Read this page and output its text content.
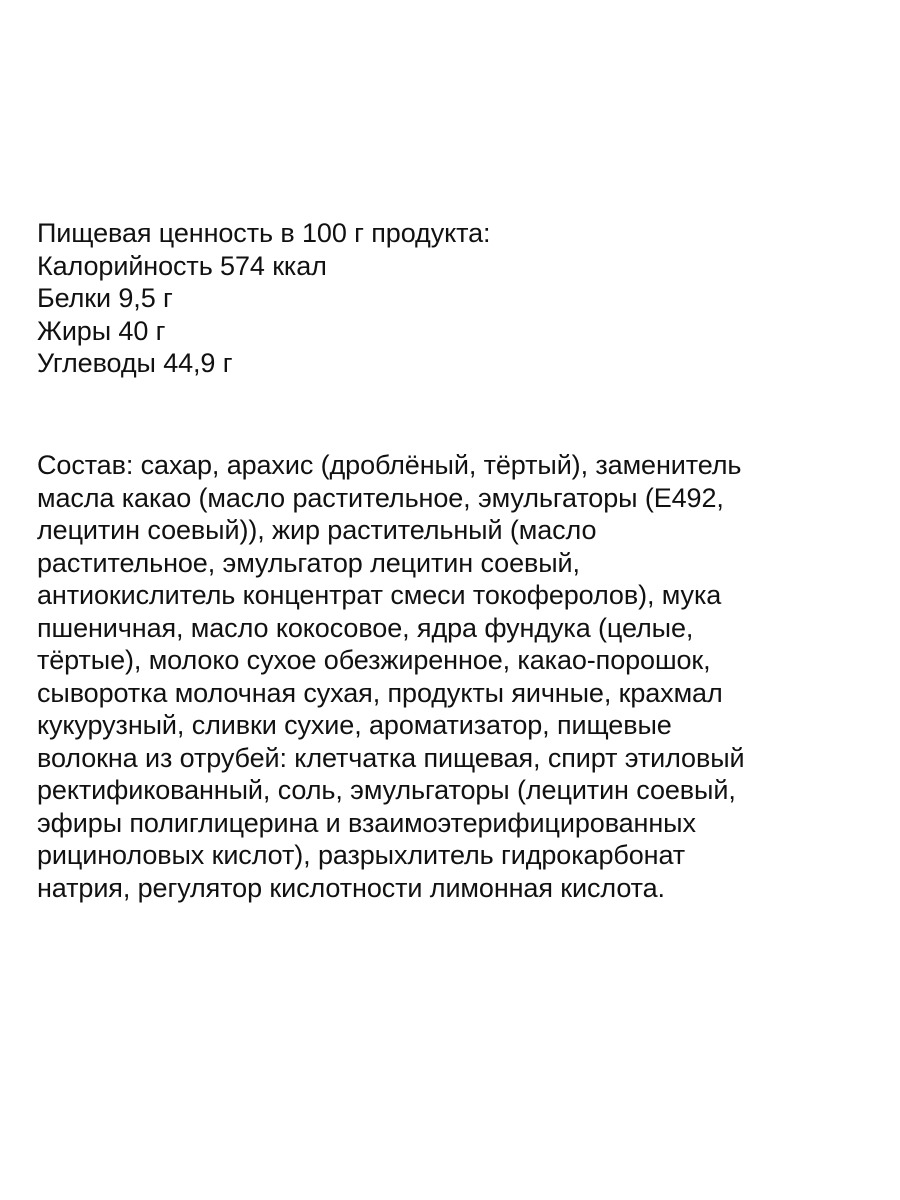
Пищевая ценность в 100 г продукта:
Калорийность 574 ккал
Белки 9,5 г
Жиры 40 г
Углеводы 44,9 г
Состав: сахар, арахис (дроблёный, тёртый), заменитель
масла какао (масло растительное, эмульгаторы (Е492,
лецитин соевый)), жир растительный (масло
растительное, эмульгатор лецитин соевый,
антиокислитель концентрат смеси токоферолов), мука
пшеничная, масло кокосовое, ядра фундука (целые,
тёртые), молоко сухое обезжиренное, какао-порошок,
сыворотка молочная сухая, продукты яичные, крахмал
кукурузный, сливки сухие, ароматизатор, пищевые
волокна из отрубей: клетчатка пищевая, спирт этиловый
ректификованный, соль, эмульгаторы (лецитин соевый,
эфиры полиглицерина и взаимоэтерифицированных
рициноловых кислот), разрыхлитель гидрокарбонат
натрия, регулятор кислотности лимонная кислота.
